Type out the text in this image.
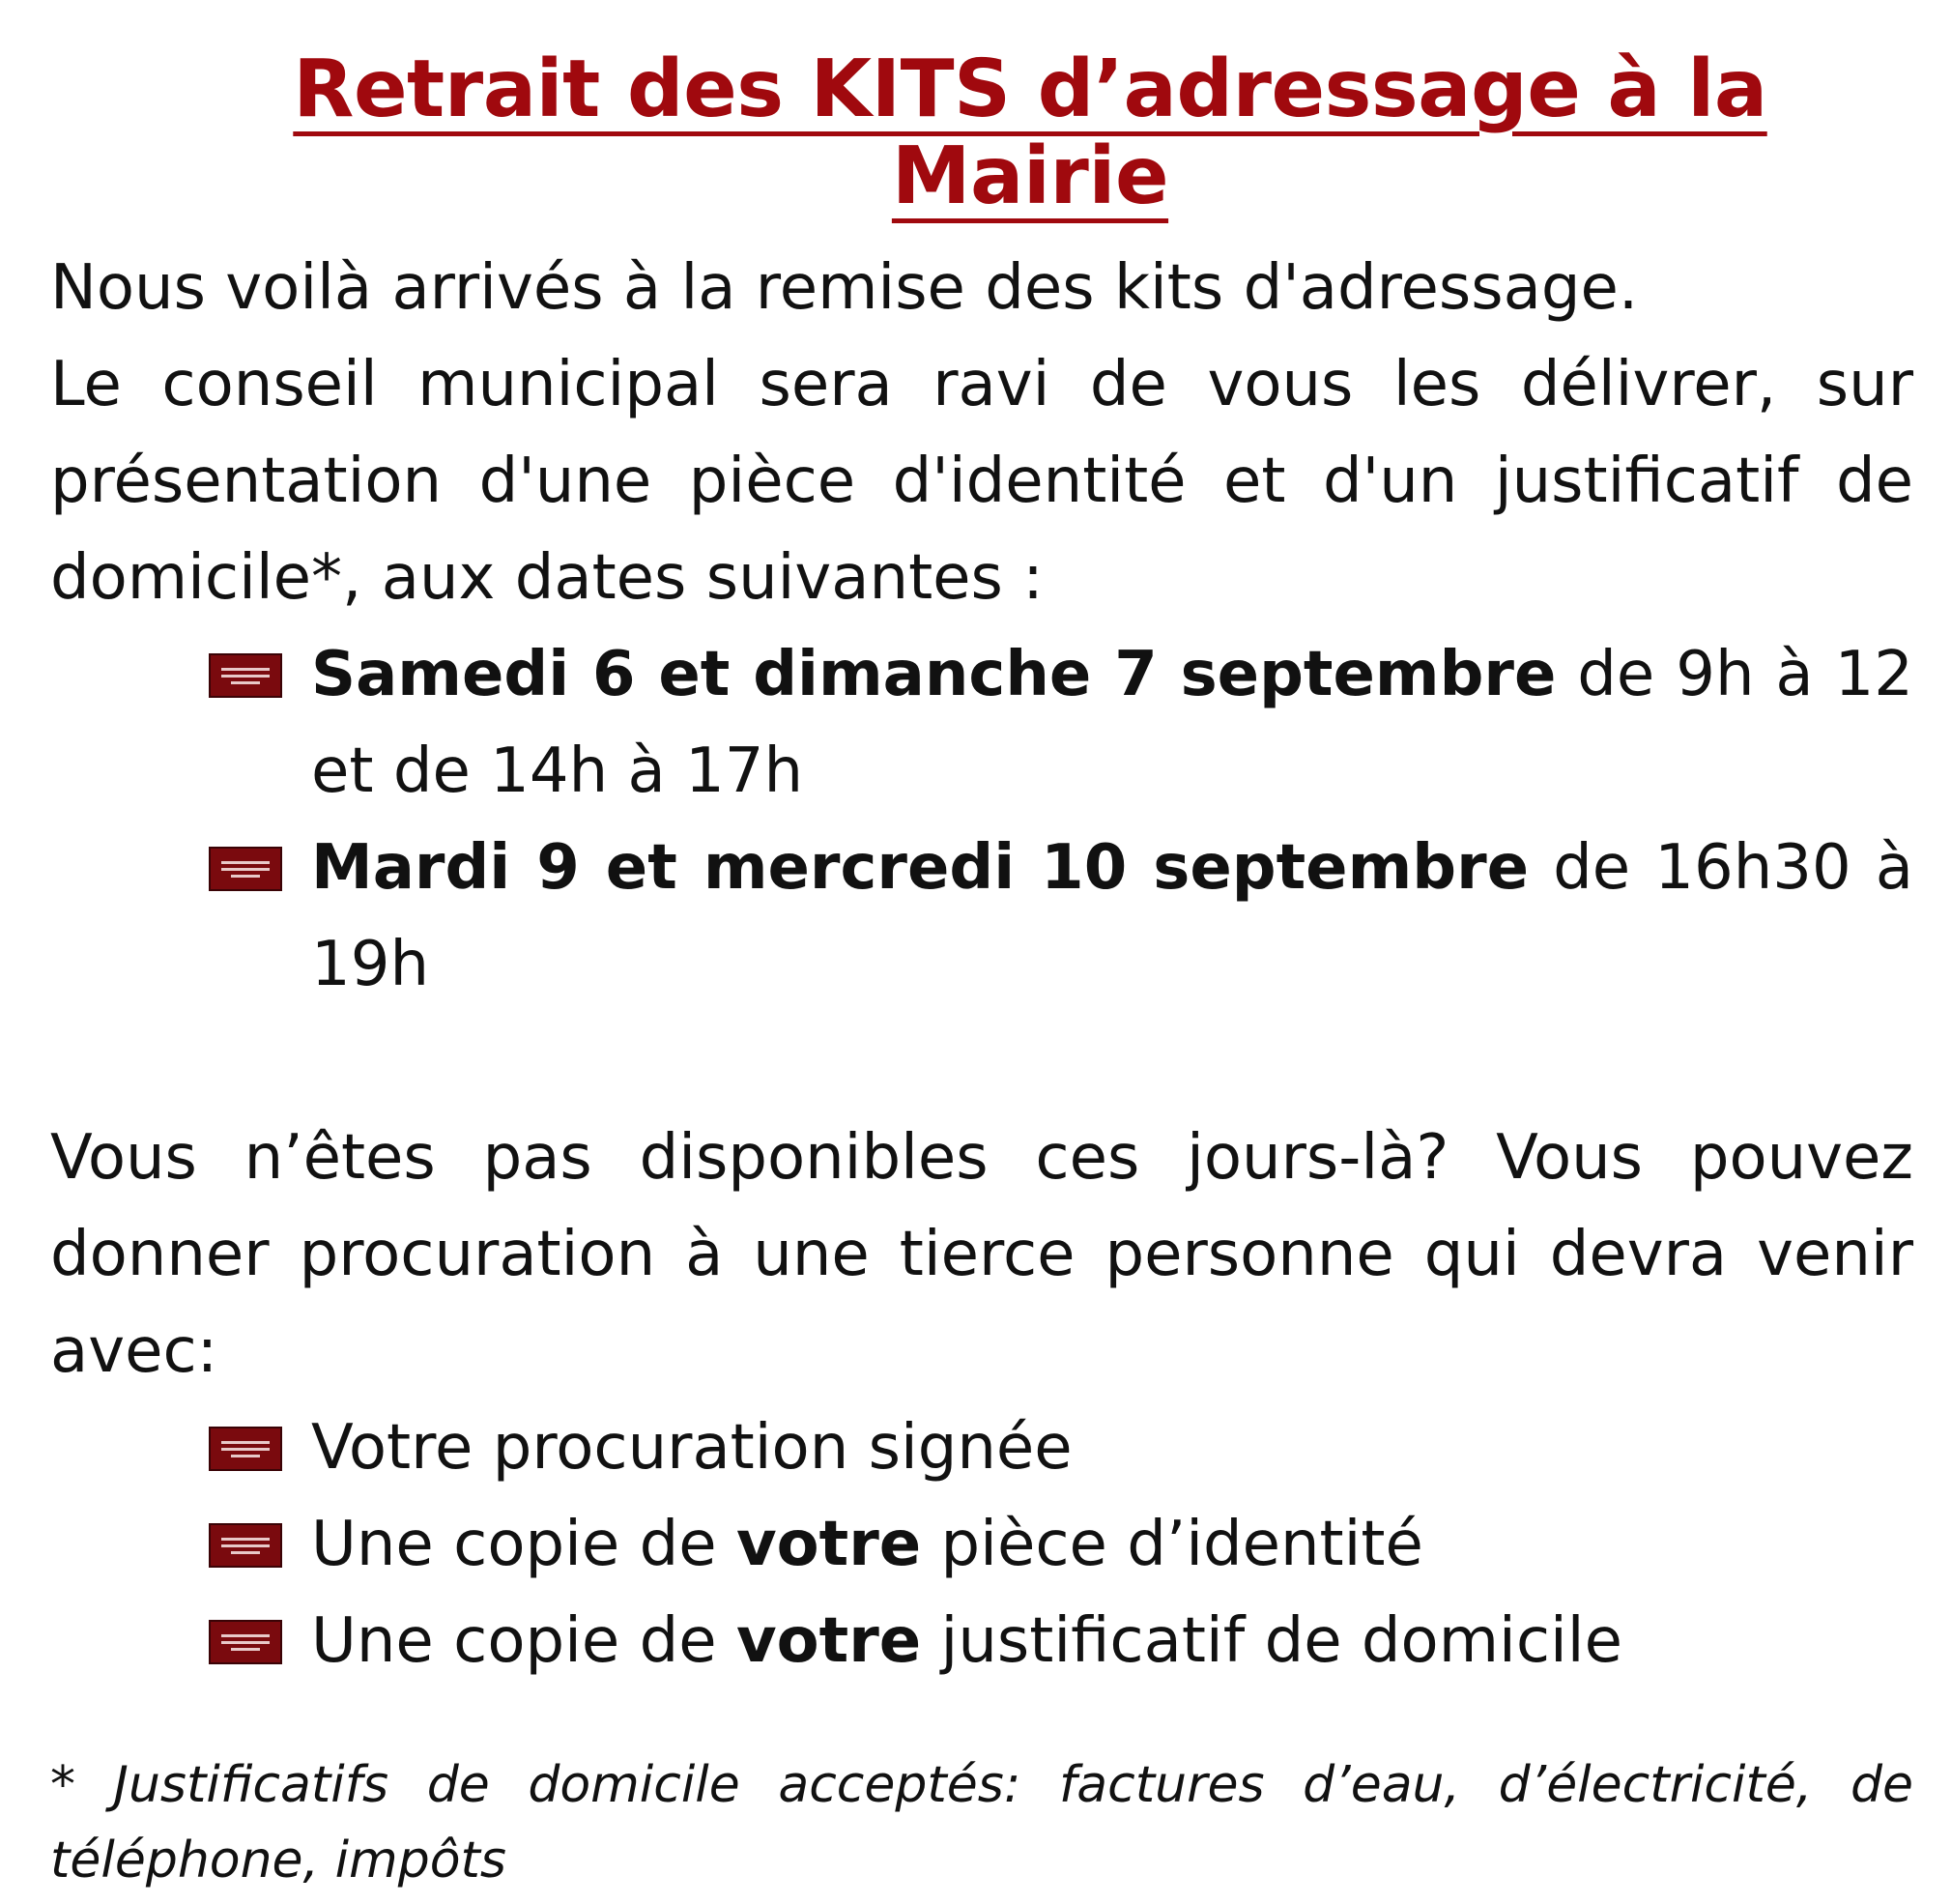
Retrait des KITS d’adressage à la Mairie

Nous voilà arrivés à la remise des kits d'adressage.

Le conseil municipal sera ravi de vous les délivrer, sur présentation d'une pièce d'identité et d'un justificatif de domicile*, aux dates suivantes :

Samedi 6 et dimanche 7 septembre de 9h à 12 et de 14h à 17h
Mardi 9 et mercredi 10 septembre de 16h30 à 19h

Vous n’êtes pas disponibles ces jours-là? Vous pouvez donner procuration à une tierce personne qui devra venir avec:

Votre procuration signée
Une copie de votre pièce d’identité
Une copie de votre justificatif de domicile

* Justificatifs de domicile acceptés: factures d’eau, d’électricité, de téléphone, impôts
